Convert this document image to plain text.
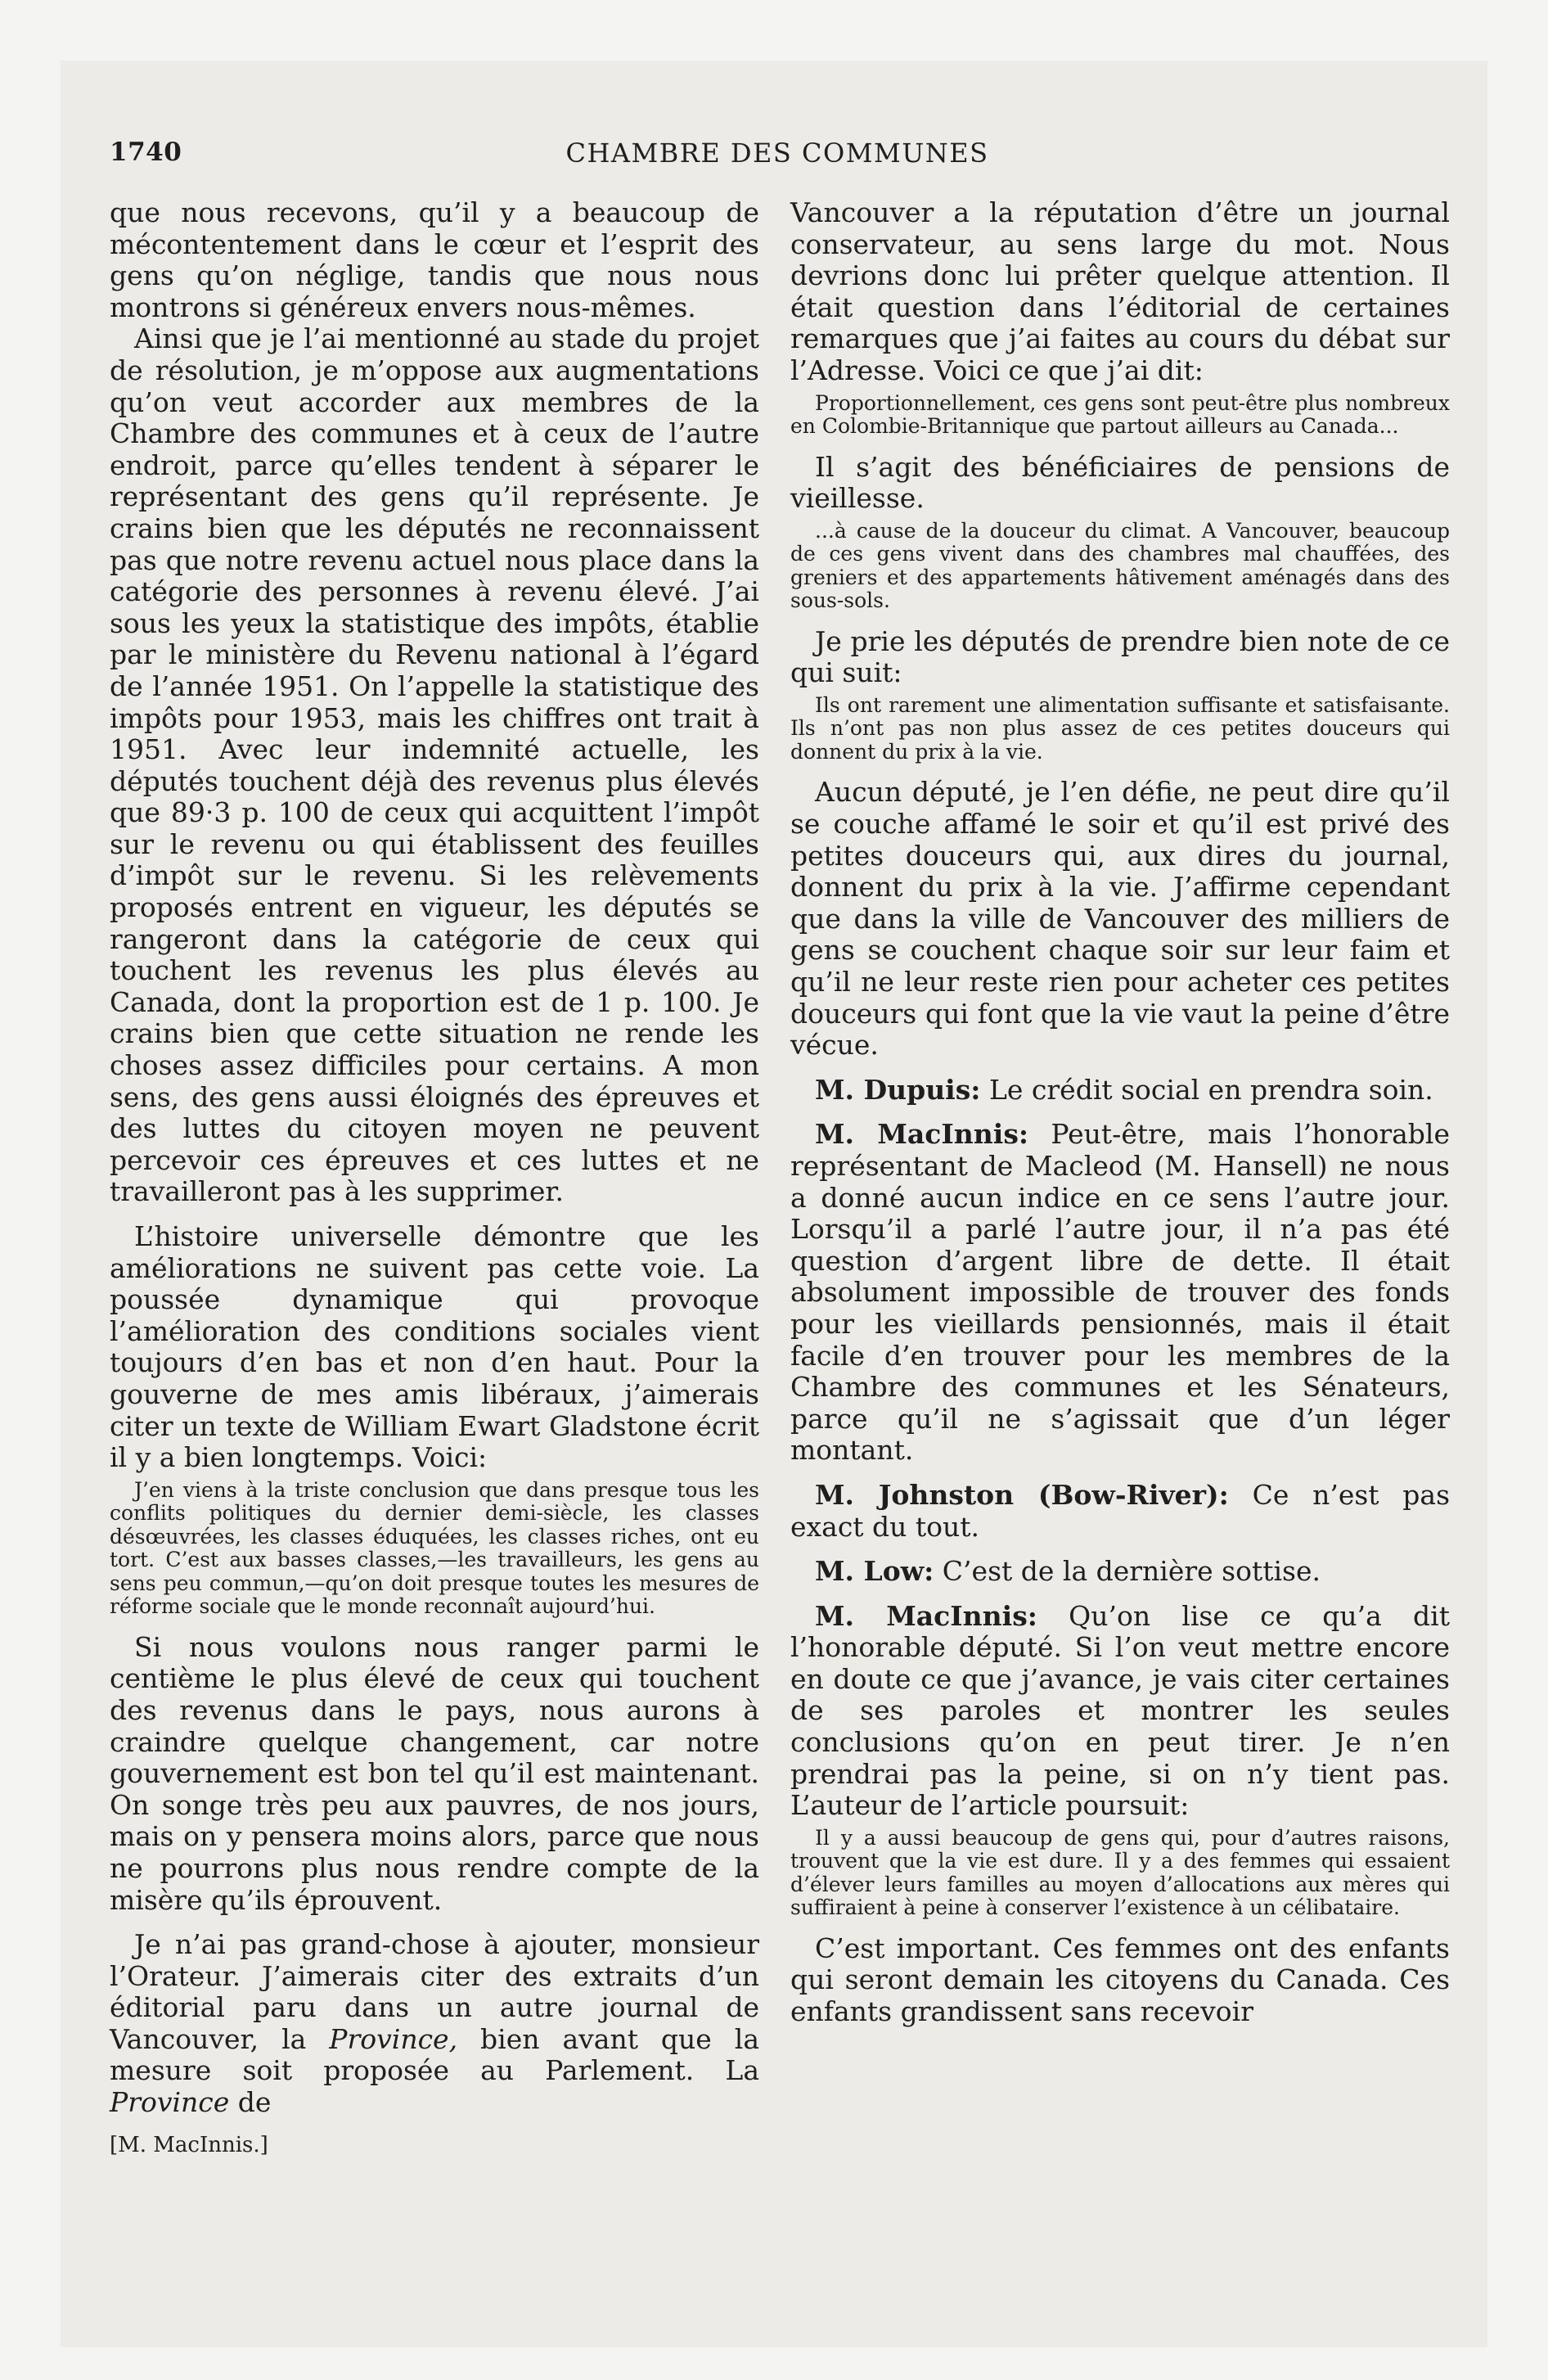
1740	CHAMBRE DES COMMUNES

que nous recevons, qu’il y a beaucoup de mécontentement dans le cœur et l’esprit des gens qu’on néglige, tandis que nous nous montrons si généreux envers nous-mêmes.

Ainsi que je l’ai mentionné au stade du projet de résolution, je m’oppose aux augmentations qu’on veut accorder aux membres de la Chambre des communes et à ceux de l’autre endroit, parce qu’elles tendent à séparer le représentant des gens qu’il représente. Je crains bien que les députés ne reconnaissent pas que notre revenu actuel nous place dans la catégorie des personnes à revenu élevé. J’ai sous les yeux la statistique des impôts, établie par le ministère du Revenu national à l’égard de l’année 1951. On l’appelle la statistique des impôts pour 1953, mais les chiffres ont trait à 1951. Avec leur indemnité actuelle, les députés touchent déjà des revenus plus élevés que 89·3 p. 100 de ceux qui acquittent l’impôt sur le revenu ou qui établissent des feuilles d’impôt sur le revenu. Si les relèvements proposés entrent en vigueur, les députés se rangeront dans la catégorie de ceux qui touchent les revenus les plus élevés au Canada, dont la proportion est de 1 p. 100. Je crains bien que cette situation ne rende les choses assez difficiles pour certains. A mon sens, des gens aussi éloignés des épreuves et des luttes du citoyen moyen ne peuvent percevoir ces épreuves et ces luttes et ne travailleront pas à les supprimer.

L’histoire universelle démontre que les améliorations ne suivent pas cette voie. La poussée dynamique qui provoque l’amélioration des conditions sociales vient toujours d’en bas et non d’en haut. Pour la gouverne de mes amis libéraux, j’aimerais citer un texte de William Ewart Gladstone écrit il y a bien longtemps. Voici:

J’en viens à la triste conclusion que dans presque tous les conflits politiques du dernier demi-siècle, les classes désœuvrées, les classes éduquées, les classes riches, ont eu tort. C’est aux basses classes,—les travailleurs, les gens au sens peu commun,—qu’on doit presque toutes les mesures de réforme sociale que le monde reconnaît aujourd’hui.

Si nous voulons nous ranger parmi le centième le plus élevé de ceux qui touchent des revenus dans le pays, nous aurons à craindre quelque changement, car notre gouvernement est bon tel qu’il est maintenant. On songe très peu aux pauvres, de nos jours, mais on y pensera moins alors, parce que nous ne pourrons plus nous rendre compte de la misère qu’ils éprouvent.

Je n’ai pas grand-chose à ajouter, monsieur l’Orateur. J’aimerais citer des extraits d’un éditorial paru dans un autre journal de Vancouver, la Province, bien avant que la mesure soit proposée au Parlement. La Province de

[M. MacInnis.]

Vancouver a la réputation d’être un journal conservateur, au sens large du mot. Nous devrions donc lui prêter quelque attention. Il était question dans l’éditorial de certaines remarques que j’ai faites au cours du débat sur l’Adresse. Voici ce que j’ai dit:

Proportionnellement, ces gens sont peut-être plus nombreux en Colombie-Britannique que partout ailleurs au Canada...

Il s’agit des bénéficiaires de pensions de vieillesse.

...à cause de la douceur du climat. A Vancouver, beaucoup de ces gens vivent dans des chambres mal chauffées, des greniers et des appartements hâtivement aménagés dans des sous-sols.

Je prie les députés de prendre bien note de ce qui suit:

Ils ont rarement une alimentation suffisante et satisfaisante. Ils n’ont pas non plus assez de ces petites douceurs qui donnent du prix à la vie.

Aucun député, je l’en défie, ne peut dire qu’il se couche affamé le soir et qu’il est privé des petites douceurs qui, aux dires du journal, donnent du prix à la vie. J’affirme cependant que dans la ville de Vancouver des milliers de gens se couchent chaque soir sur leur faim et qu’il ne leur reste rien pour acheter ces petites douceurs qui font que la vie vaut la peine d’être vécue.

M. Dupuis: Le crédit social en prendra soin.

M. MacInnis: Peut-être, mais l’honorable représentant de Macleod (M. Hansell) ne nous a donné aucun indice en ce sens l’autre jour. Lorsqu’il a parlé l’autre jour, il n’a pas été question d’argent libre de dette. Il était absolument impossible de trouver des fonds pour les vieillards pensionnés, mais il était facile d’en trouver pour les membres de la Chambre des communes et les Sénateurs, parce qu’il ne s’agissait que d’un léger montant.

M. Johnston (Bow-River): Ce n’est pas exact du tout.

M. Low: C’est de la dernière sottise.

M. MacInnis: Qu’on lise ce qu’a dit l’honorable député. Si l’on veut mettre encore en doute ce que j’avance, je vais citer certaines de ses paroles et montrer les seules conclusions qu’on en peut tirer. Je n’en prendrai pas la peine, si on n’y tient pas. L’auteur de l’article poursuit:

Il y a aussi beaucoup de gens qui, pour d’autres raisons, trouvent que la vie est dure. Il y a des femmes qui essaient d’élever leurs familles au moyen d’allocations aux mères qui suffiraient à peine à conserver l’existence à un célibataire.

C’est important. Ces femmes ont des enfants qui seront demain les citoyens du Canada. Ces enfants grandissent sans recevoir
